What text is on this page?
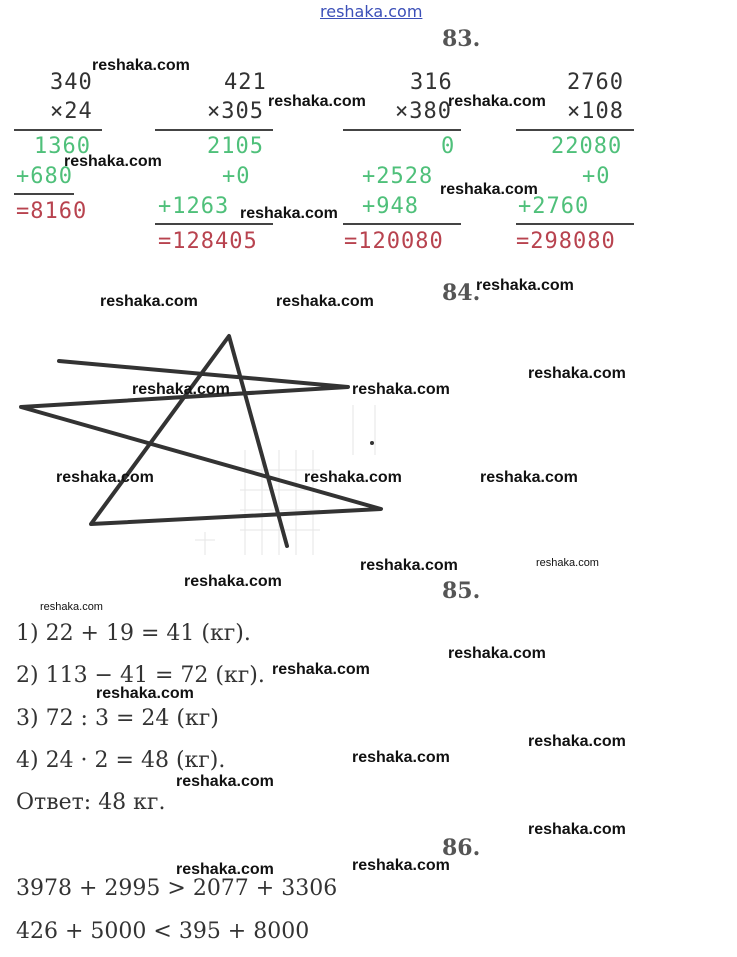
reshaka.com
83.
340
×24
1360
+680
=8160
421
×305
2105
+0
+1263
=128405
316
×380
0
+2528
+948
=120080
2760
×108
22080
+0
+2760
=298080
84.
85.
1) 22 + 19 = 41 (кг).
2) 113 − 41 = 72 (кг).
3) 72 : 3 = 24 (кг)
4) 24 · 2 = 48 (кг).
Ответ: 48 кг.
86.
3978 + 2995 > 2077 + 3306
426 + 5000 < 395 + 8000
reshaka.com
reshaka.com	reshaka.com
reshaka.com
reshaka.com
reshaka.com
reshaka.com
reshaka.com	reshaka.com
reshaka.com
reshaka.com	reshaka.com
reshaka.com	reshaka.com	reshaka.com
reshaka.com	reshaka.com
reshaka.com
reshaka.com
reshaka.com
reshaka.com
reshaka.com
reshaka.com
reshaka.com
reshaka.com
reshaka.com
reshaka.com
reshaka.com
